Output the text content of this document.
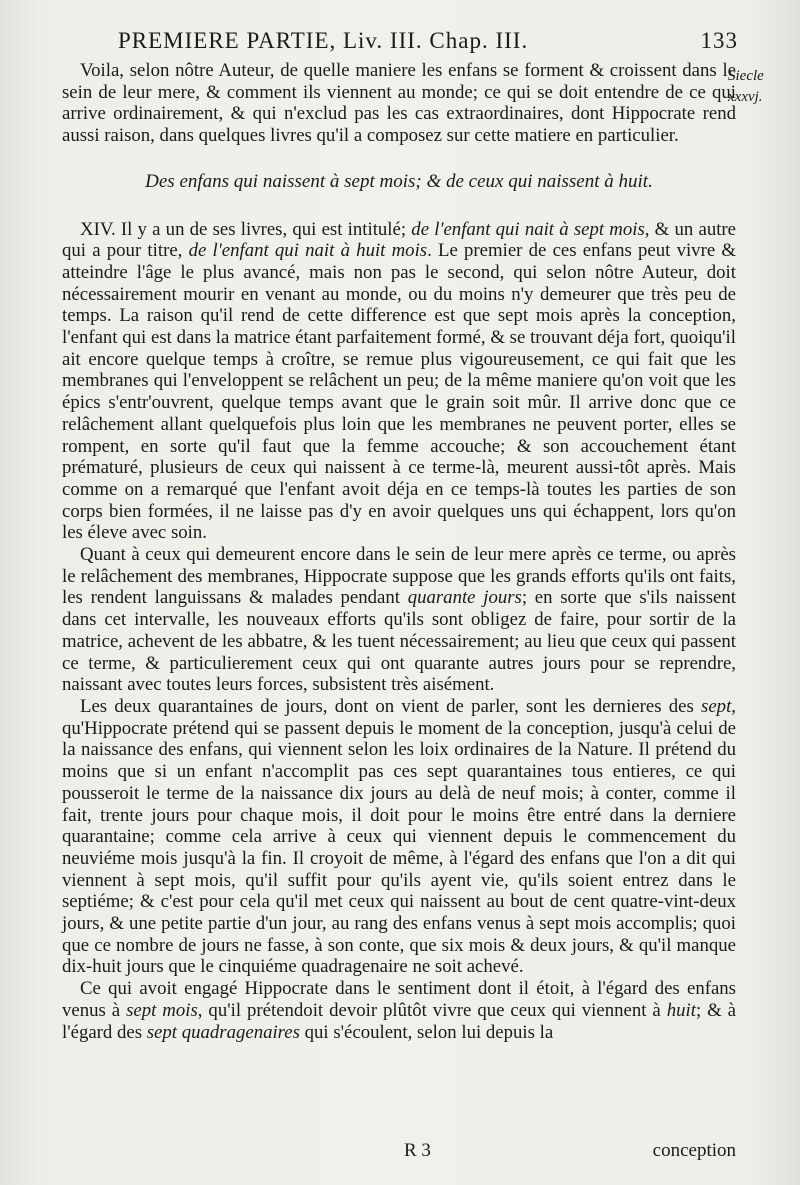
PREMIERE PARTIE, Liv. III. Chap. III.	133
Siecle
xxxvj.

Voila, selon nôtre Auteur, de quelle maniere les enfans se forment & croissent dans le sein de leur mere, & comment ils viennent au monde; ce qui se doit entendre de ce qui arrive ordinairement, & qui n'exclud pas les cas extraordinaires, dont Hippocrate rend aussi raison, dans quelques livres qu'il a composez sur cette matiere en particulier.

Des enfans qui naissent à sept mois; & de ceux qui naissent à huit.

XIV. Il y a un de ses livres, qui est intitulé; de l'enfant qui nait à sept mois, & un autre qui a pour titre, de l'enfant qui nait à huit mois. Le premier de ces enfans peut vivre & atteindre l'âge le plus avancé, mais non pas le second, qui selon nôtre Auteur, doit nécessairement mourir en venant au monde, ou du moins n'y demeurer que très peu de temps. La raison qu'il rend de cette difference est que sept mois après la conception, l'enfant qui est dans la matrice étant parfaitement formé, & se trouvant déja fort, quoiqu'il ait encore quelque temps à croître, se remue plus vigoureusement, ce qui fait que les membranes qui l'enveloppent se relâchent un peu; de la même maniere qu'on voit que les épics s'entr'ouvrent, quelque temps avant que le grain soit mûr. Il arrive donc que ce relâchement allant quelquefois plus loin que les membranes ne peuvent porter, elles se rompent, en sorte qu'il faut que la femme accouche; & son accouchement étant prématuré, plusieurs de ceux qui naissent à ce terme-là, meurent aussi-tôt après. Mais comme on a remarqué que l'enfant avoit déja en ce temps-là toutes les parties de son corps bien formées, il ne laisse pas d'y en avoir quelques uns qui échappent, lors qu'on les éleve avec soin.

Quant à ceux qui demeurent encore dans le sein de leur mere après ce terme, ou après le relâchement des membranes, Hippocrate suppose que les grands efforts qu'ils ont faits, les rendent languissans & malades pendant quarante jours; en sorte que s'ils naissent dans cet intervalle, les nouveaux efforts qu'ils sont obligez de faire, pour sortir de la matrice, achevent de les abbatre, & les tuent nécessairement; au lieu que ceux qui passent ce terme, & particulierement ceux qui ont quarante autres jours pour se reprendre, naissant avec toutes leurs forces, subsistent très aisément.

Les deux quarantaines de jours, dont on vient de parler, sont les dernieres des sept, qu'Hippocrate prétend qui se passent depuis le moment de la conception, jusqu'à celui de la naissance des enfans, qui viennent selon les loix ordinaires de la Nature. Il prétend du moins que si un enfant n'accomplit pas ces sept quarantaines tous entieres, ce qui pousseroit le terme de la naissance dix jours au delà de neuf mois; à conter, comme il fait, trente jours pour chaque mois, il doit pour le moins être entré dans la derniere quarantaine; comme cela arrive à ceux qui viennent depuis le commencement du neuviéme mois jusqu'à la fin. Il croyoit de même, à l'égard des enfans que l'on a dit qui viennent à sept mois, qu'il suffit pour qu'ils ayent vie, qu'ils soient entrez dans le septiéme; & c'est pour cela qu'il met ceux qui naissent au bout de cent quatre-vint-deux jours, & une petite partie d'un jour, au rang des enfans venus à sept mois accomplis; quoi que ce nombre de jours ne fasse, à son conte, que six mois & deux jours, & qu'il manque dix-huit jours que le cinquiéme quadragenaire ne soit achevé.

Ce qui avoit engagé Hippocrate dans le sentiment dont il étoit, à l'égard des enfans venus à sept mois, qu'il prétendoit devoir plûtôt vivre que ceux qui viennent à huit; & à l'égard des sept quadragenaires qui s'écoulent, selon lui depuis la

R 3	conception
